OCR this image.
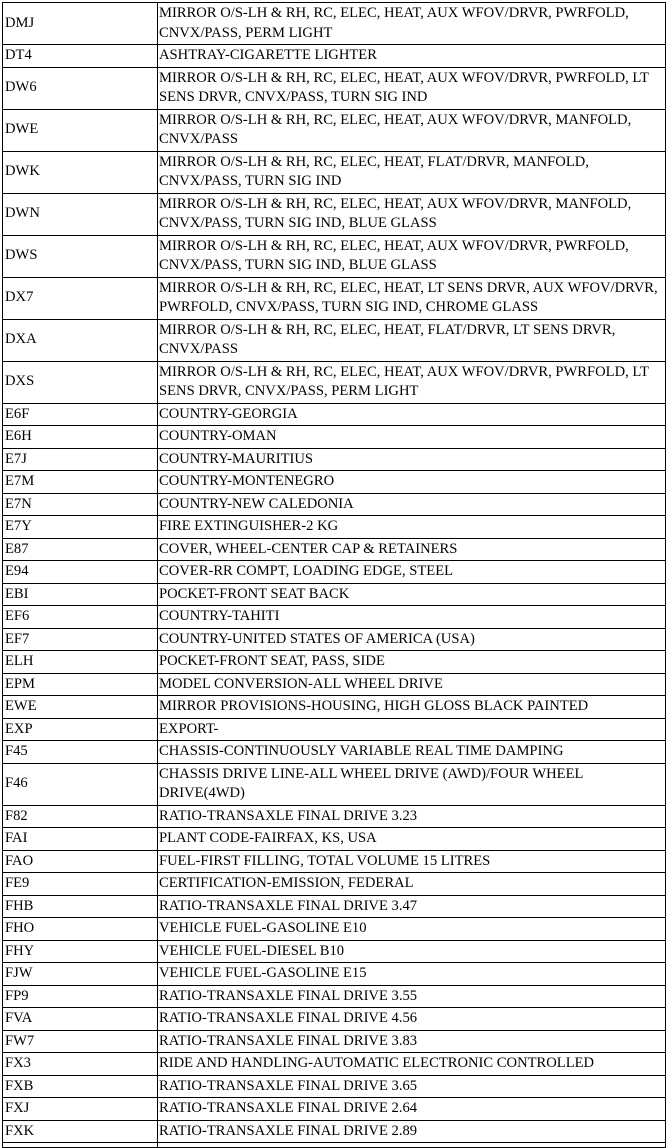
DMJ	MIRROR O/S-LH & RH, RC, ELEC, HEAT, AUX WFOV/DRVR, PWRFOLD, CNVX/PASS, PERM LIGHT
DT4	ASHTRAY-CIGARETTE LIGHTER
DW6	MIRROR O/S-LH & RH, RC, ELEC, HEAT, AUX WFOV/DRVR, PWRFOLD, LT SENS DRVR, CNVX/PASS, TURN SIG IND
DWE	MIRROR O/S-LH & RH, RC, ELEC, HEAT, AUX WFOV/DRVR, MANFOLD, CNVX/PASS
DWK	MIRROR O/S-LH & RH, RC, ELEC, HEAT, FLAT/DRVR, MANFOLD, CNVX/PASS, TURN SIG IND
DWN	MIRROR O/S-LH & RH, RC, ELEC, HEAT, AUX WFOV/DRVR, MANFOLD, CNVX/PASS, TURN SIG IND, BLUE GLASS
DWS	MIRROR O/S-LH & RH, RC, ELEC, HEAT, AUX WFOV/DRVR, PWRFOLD, CNVX/PASS, TURN SIG IND, BLUE GLASS
DX7	MIRROR O/S-LH & RH, RC, ELEC, HEAT, LT SENS DRVR, AUX WFOV/DRVR, PWRFOLD, CNVX/PASS, TURN SIG IND, CHROME GLASS
DXA	MIRROR O/S-LH & RH, RC, ELEC, HEAT, FLAT/DRVR, LT SENS DRVR, CNVX/PASS
DXS	MIRROR O/S-LH & RH, RC, ELEC, HEAT, AUX WFOV/DRVR, PWRFOLD, LT SENS DRVR, CNVX/PASS, PERM LIGHT
E6F	COUNTRY-GEORGIA
E6H	COUNTRY-OMAN
E7J	COUNTRY-MAURITIUS
E7M	COUNTRY-MONTENEGRO
E7N	COUNTRY-NEW CALEDONIA
E7Y	FIRE EXTINGUISHER-2 KG
E87	COVER, WHEEL-CENTER CAP & RETAINERS
E94	COVER-RR COMPT, LOADING EDGE, STEEL
EBI	POCKET-FRONT SEAT BACK
EF6	COUNTRY-TAHITI
EF7	COUNTRY-UNITED STATES OF AMERICA (USA)
ELH	POCKET-FRONT SEAT, PASS, SIDE
EPM	MODEL CONVERSION-ALL WHEEL DRIVE
EWE	MIRROR PROVISIONS-HOUSING, HIGH GLOSS BLACK PAINTED
EXP	EXPORT-
F45	CHASSIS-CONTINUOUSLY VARIABLE REAL TIME DAMPING
F46	CHASSIS DRIVE LINE-ALL WHEEL DRIVE (AWD)/FOUR WHEEL DRIVE(4WD)
F82	RATIO-TRANSAXLE FINAL DRIVE 3.23
FAI	PLANT CODE-FAIRFAX, KS, USA
FAO	FUEL-FIRST FILLING, TOTAL VOLUME 15 LITRES
FE9	CERTIFICATION-EMISSION, FEDERAL
FHB	RATIO-TRANSAXLE FINAL DRIVE 3.47
FHO	VEHICLE FUEL-GASOLINE E10
FHY	VEHICLE FUEL-DIESEL B10
FJW	VEHICLE FUEL-GASOLINE E15
FP9	RATIO-TRANSAXLE FINAL DRIVE 3.55
FVA	RATIO-TRANSAXLE FINAL DRIVE 4.56
FW7	RATIO-TRANSAXLE FINAL DRIVE 3.83
FX3	RIDE AND HANDLING-AUTOMATIC ELECTRONIC CONTROLLED
FXB	RATIO-TRANSAXLE FINAL DRIVE 3.65
FXJ	RATIO-TRANSAXLE FINAL DRIVE 2.64
FXK	RATIO-TRANSAXLE FINAL DRIVE 2.89
